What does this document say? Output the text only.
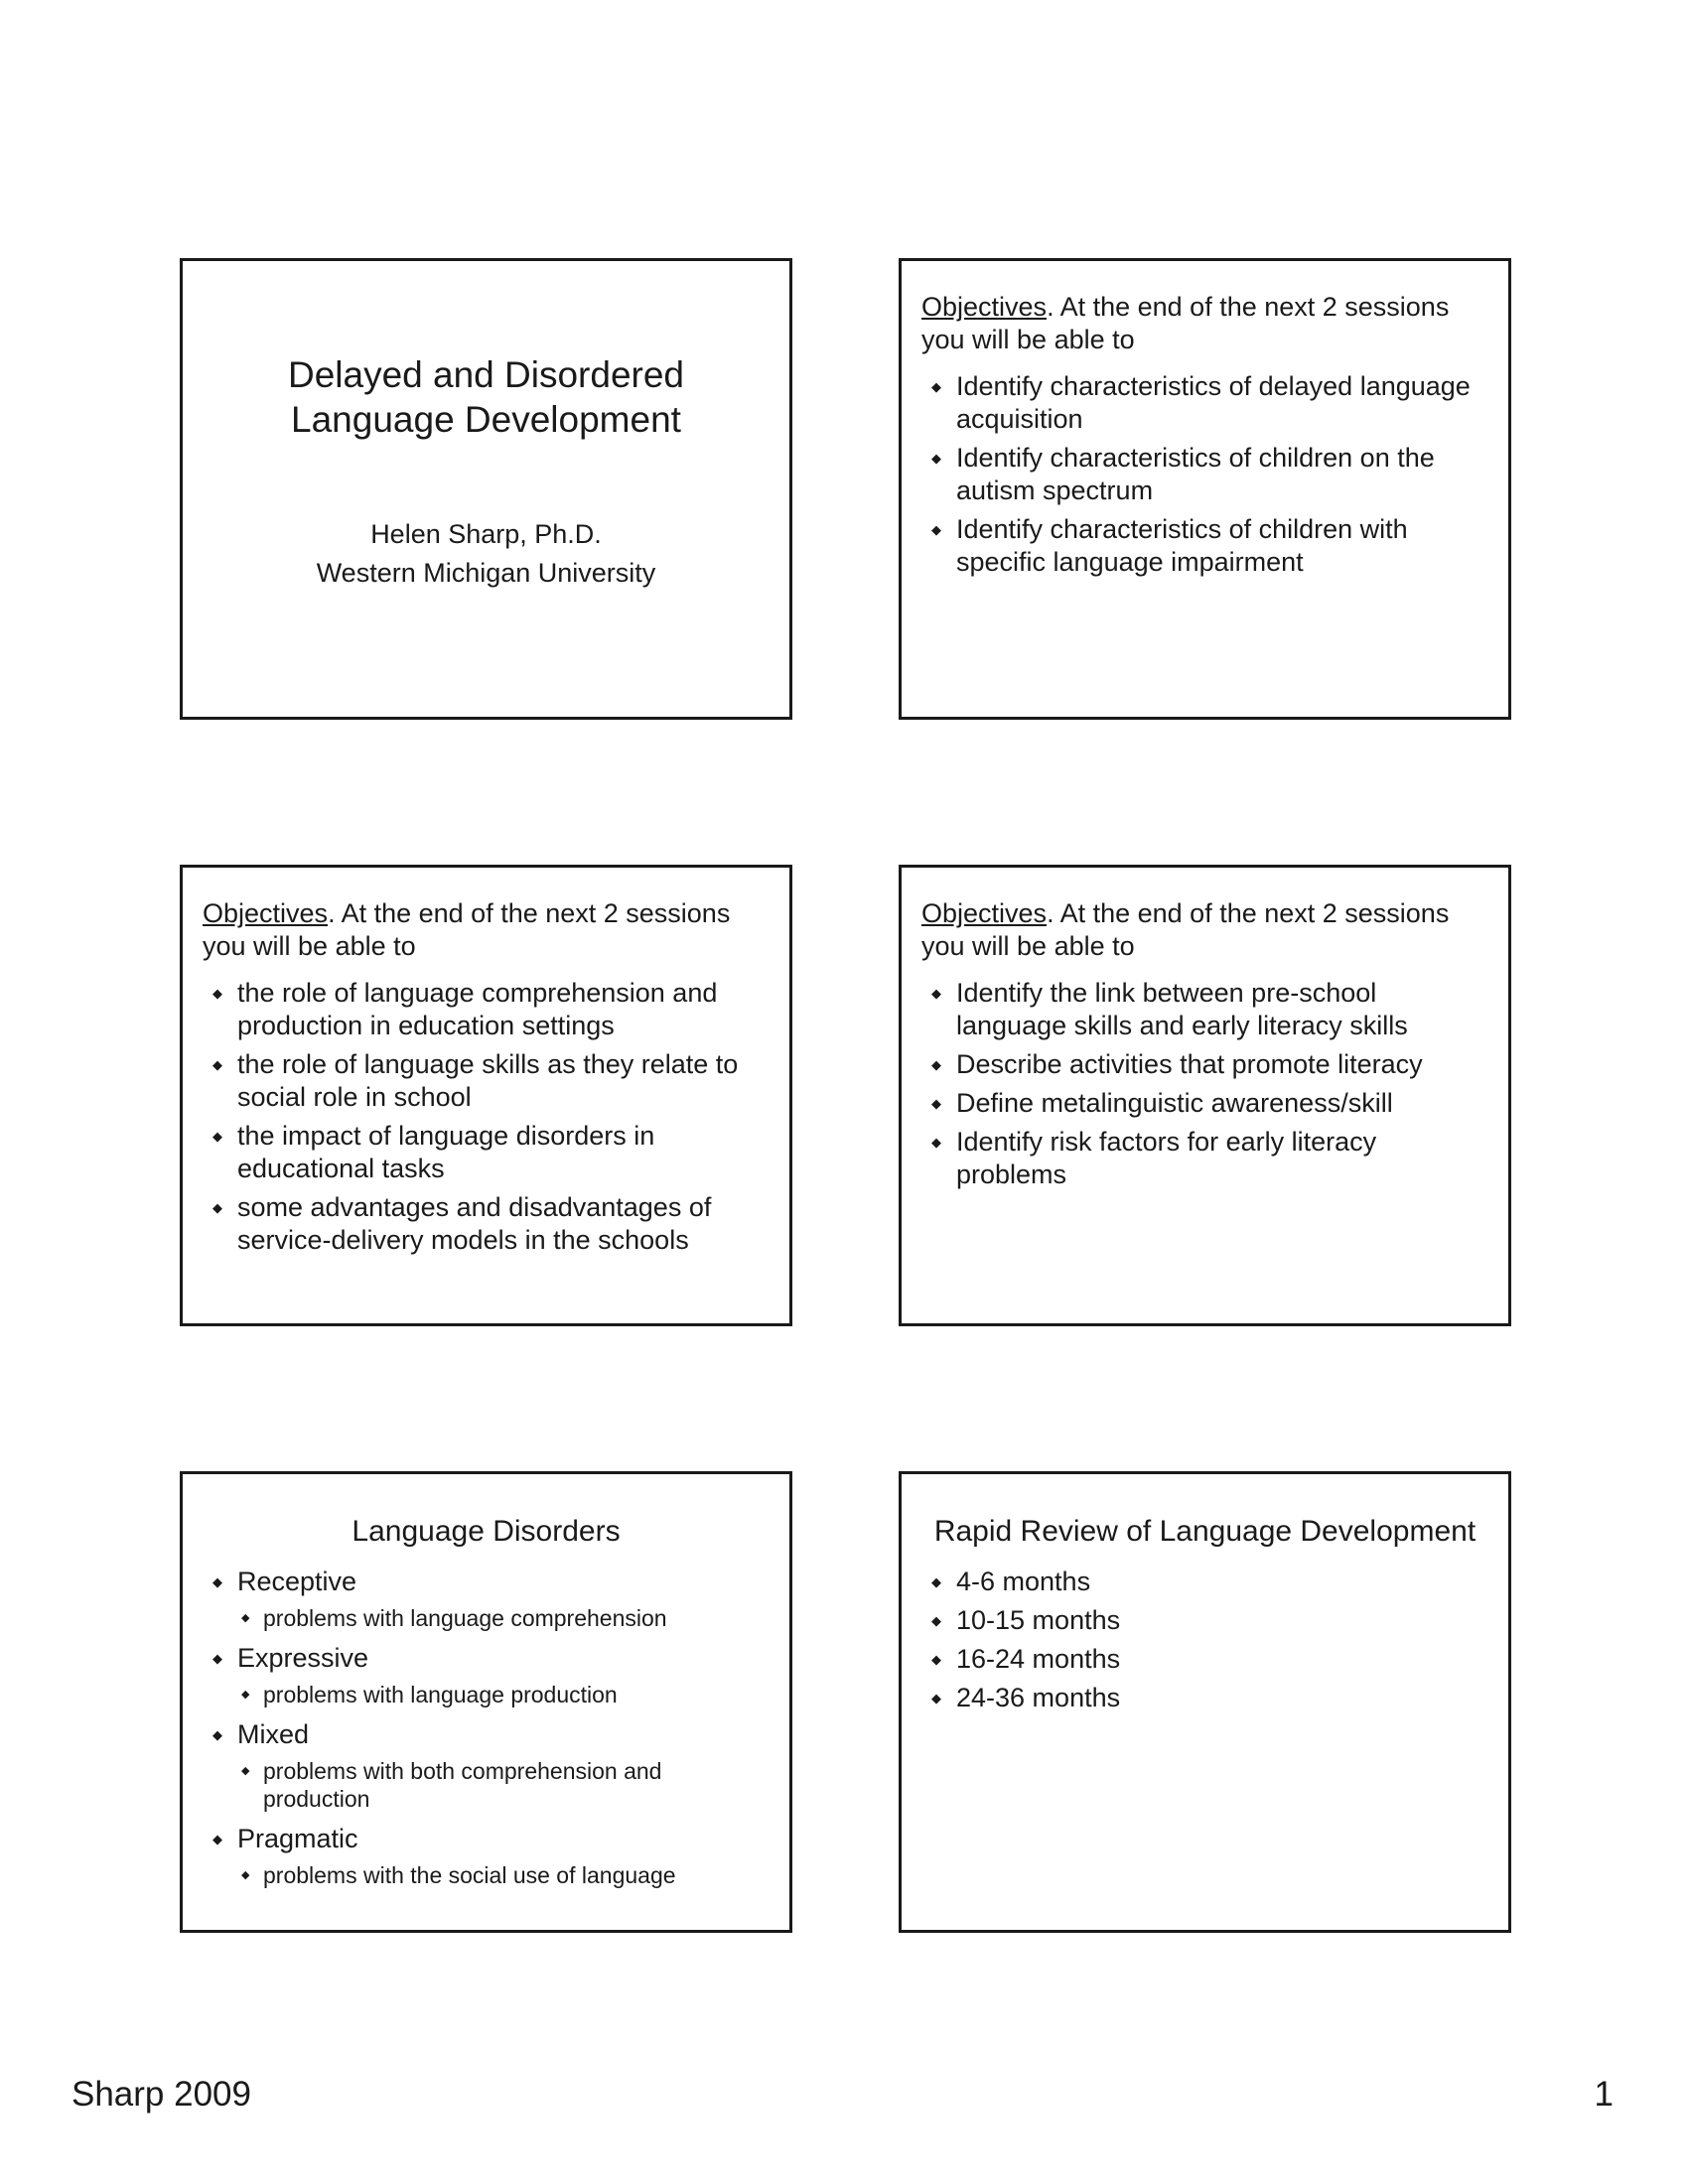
Delayed and Disordered
Language Development
Helen Sharp, Ph.D.
Western Michigan University
Objectives. At the end of the next 2 sessions you will be able to
◆ Identify characteristics of delayed language acquisition
◆ Identify characteristics of children on the autism spectrum
◆ Identify characteristics of children with specific language impairment
Objectives. At the end of the next 2 sessions you will be able to
◆ the role of language comprehension and production in education settings
◆ the role of language skills as they relate to social role in school
◆ the impact of language disorders in educational tasks
◆ some advantages and disadvantages of service-delivery models in the schools
Objectives. At the end of the next 2 sessions you will be able to
◆ Identify the link between pre-school language skills and early literacy skills
◆ Describe activities that promote literacy
◆ Define metalinguistic awareness/skill
◆ Identify risk factors for early literacy problems
Language Disorders
◆ Receptive
◆ problems with language comprehension
◆ Expressive
◆ problems with language production
◆ Mixed
◆ problems with both comprehension and production
◆ Pragmatic
◆ problems with the social use of language
Rapid Review of Language Development
◆ 4-6 months
◆ 10-15 months
◆ 16-24 months
◆ 24-36 months
Sharp 2009	1
